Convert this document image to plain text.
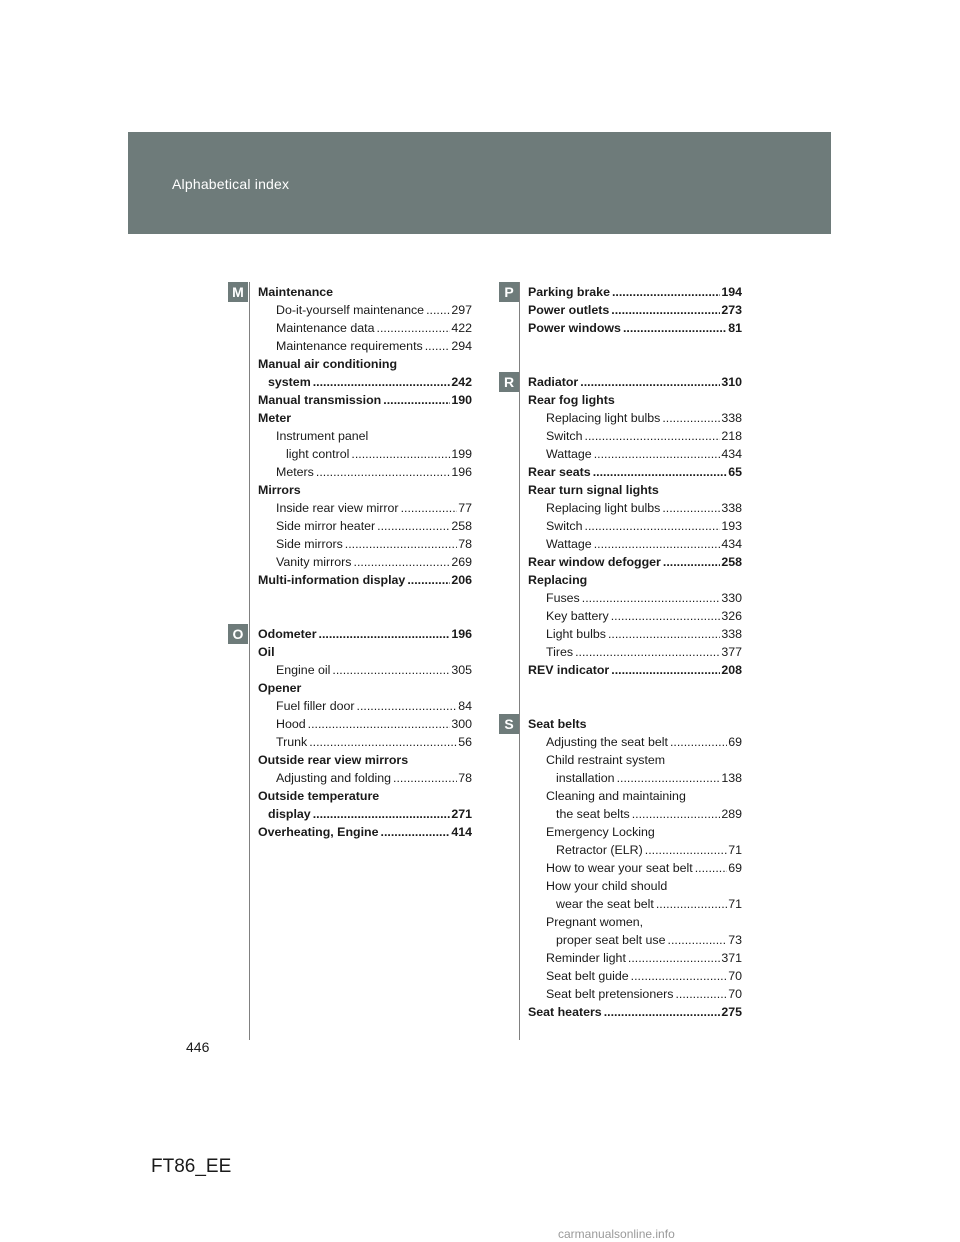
Alphabetical index
Maintenance
Do-it-yourself maintenance ..... 297
Maintenance data .....	422
Maintenance requirements ..... 294
Manual air conditioning
system .....	242
Manual transmission .....	190
Meter
Instrument panel
light control .....	199
Meters .....	196
Mirrors
Inside rear view mirror .....	77
Side mirror heater .....	258
Side mirrors .....	78
Vanity mirrors .....	269
Multi-information display .....	206
Odometer .....	196
Oil
Engine oil .....	305
Opener
Fuel filler door .....	84
Hood .....	300
Trunk .....	56
Outside rear view mirrors
Adjusting and folding .....	78
Outside temperature
display .....	271
Overheating, Engine .....	414
Parking brake .....	194
Power outlets .....	273
Power windows .....	81
Radiator .....	310
Rear fog lights
Replacing light bulbs .....	338
Switch .....	218
Wattage .....	434
Rear seats .....	65
Rear turn signal lights
Replacing light bulbs .....	338
Switch .....	193
Wattage .....	434
Rear window defogger .....	258
Replacing
Fuses .....	330
Key battery .....	326
Light bulbs .....	338
Tires .....	377
REV indicator .....	208
Seat belts
Adjusting the seat belt .....	69
Child restraint system
installation .....	138
Cleaning and maintaining
the seat belts .....	289
Emergency Locking
Retractor (ELR) .....	71
How to wear your seat belt .....	69
How your child should
wear the seat belt .....	71
Pregnant women,
proper seat belt use .....	73
Reminder light .....	371
Seat belt guide .....	70
Seat belt pretensioners .....	70
Seat heaters .....	275
M
O
P
R
S
446
FT86_EE
carmanualsonline.info
